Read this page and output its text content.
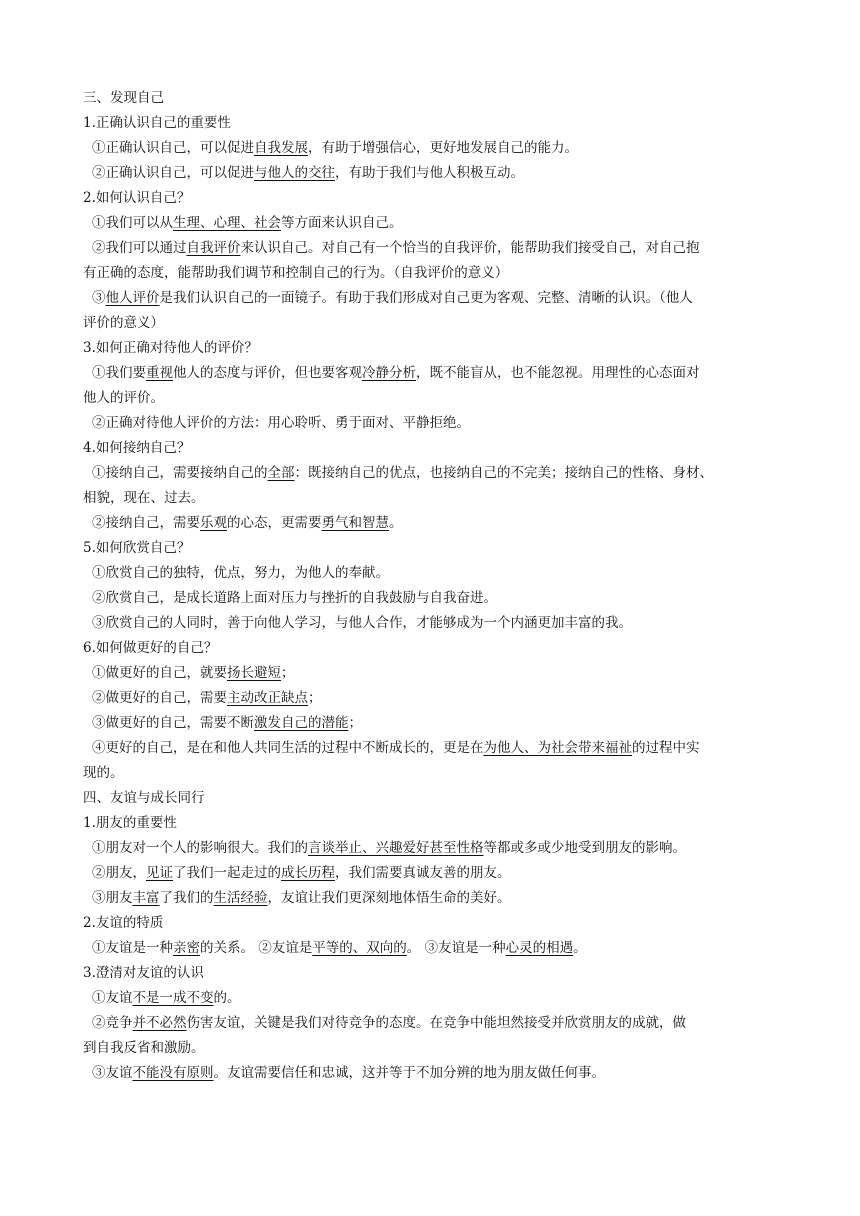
三、发现自己
1.正确认识自己的重要性
①正确认识自己，可以促进自我发展，有助于增强信心，更好地发展自己的能力。
②正确认识自己，可以促进与他人的交往，有助于我们与他人积极互动。
2.如何认识自己？
①我们可以从生理、心理、社会等方面来认识自己。
②我们可以通过自我评价来认识自己。对自己有一个恰当的自我评价，能帮助我们接受自己，对自己抱
有正确的态度，能帮助我们调节和控制自己的行为。（自我评价的意义）
③他人评价是我们认识自己的一面镜子。有助于我们形成对自己更为客观、完整、清晰的认识。（他人
评价的意义）
3.如何正确对待他人的评价？
①我们要重视他人的态度与评价，但也要客观冷静分析，既不能盲从，也不能忽视。用理性的心态面对
他人的评价。
②正确对待他人评价的方法：用心聆听、勇于面对、平静拒绝。
4.如何接纳自己？
①接纳自己，需要接纳自己的全部：既接纳自己的优点，也接纳自己的不完美；接纳自己的性格、身材、
相貌，现在、过去。
②接纳自己，需要乐观的心态，更需要勇气和智慧。
5.如何欣赏自己？
①欣赏自己的独特，优点，努力，为他人的奉献。
②欣赏自己，是成长道路上面对压力与挫折的自我鼓励与自我奋进。
③欣赏自己的人同时，善于向他人学习，与他人合作，才能够成为一个内涵更加丰富的我。
6.如何做更好的自己？
①做更好的自己，就要扬长避短；
②做更好的自己，需要主动改正缺点；
③做更好的自己，需要不断激发自己的潜能；
④更好的自己，是在和他人共同生活的过程中不断成长的，更是在为他人、为社会带来福祉的过程中实
现的。
四、友谊与成长同行
1.朋友的重要性
①朋友对一个人的影响很大。我们的言谈举止、兴趣爱好甚至性格等都或多或少地受到朋友的影响。
②朋友，见证了我们一起走过的成长历程，我们需要真诚友善的朋友。
③朋友丰富了我们的生活经验，友谊让我们更深刻地体悟生命的美好。
2.友谊的特质
①友谊是一种亲密的关系。 ②友谊是平等的、双向的。 ③友谊是一种心灵的相遇。
3.澄清对友谊的认识
①友谊不是一成不变的。
②竞争并不必然伤害友谊，关键是我们对待竞争的态度。在竞争中能坦然接受并欣赏朋友的成就，做
到自我反省和激励。
③友谊不能没有原则。友谊需要信任和忠诚，这并等于不加分辨的地为朋友做任何事。
